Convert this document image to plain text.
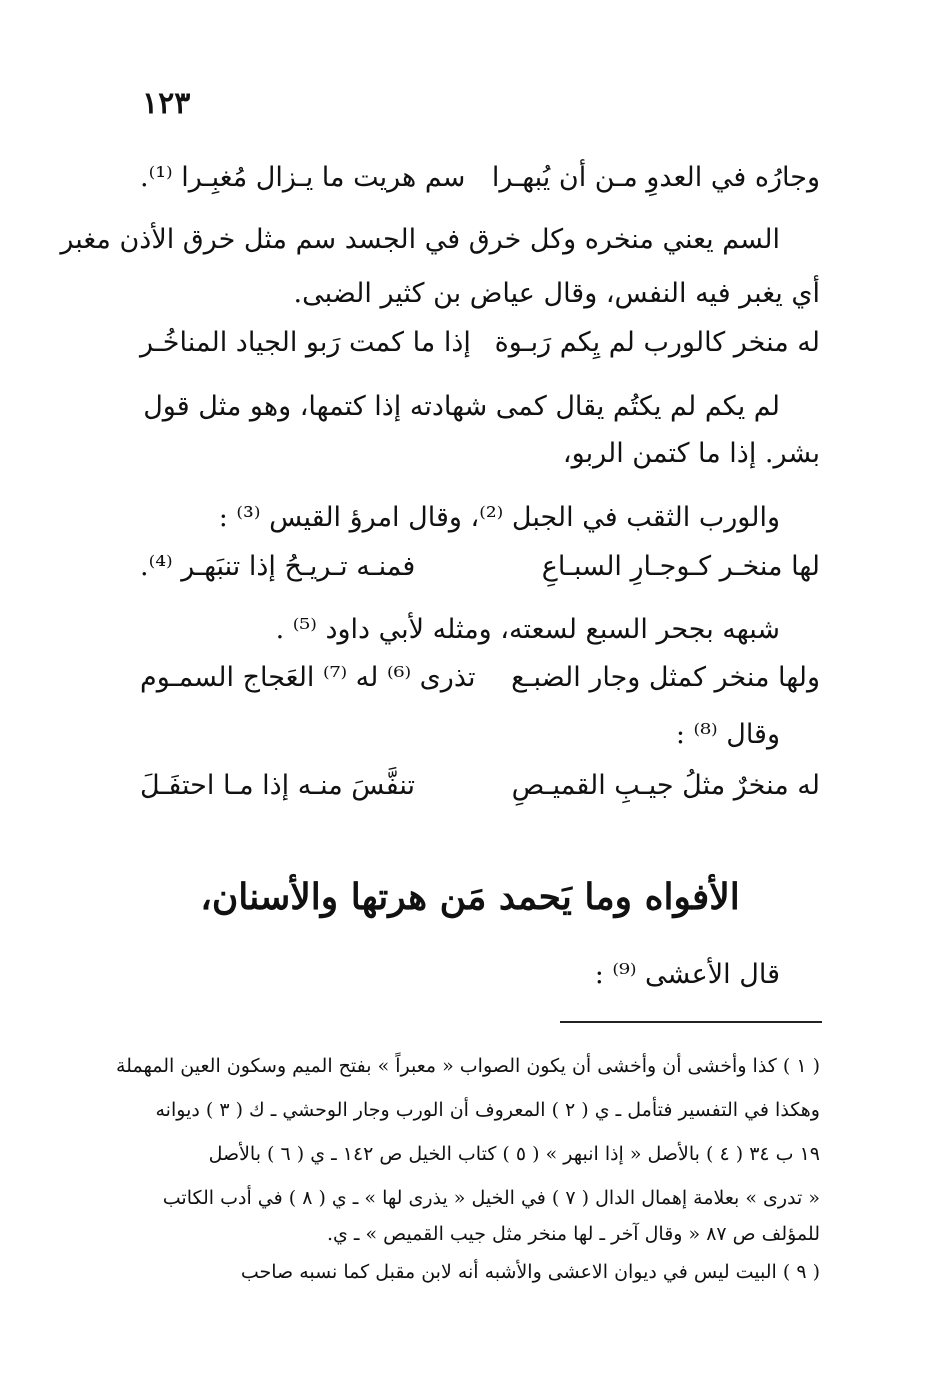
١٢٣
وجارُه في العدوِ مـن أن يُبهـرا
سم هريت ما يـزال مُغبِـرا ⁽¹⁾.
السم يعني منخره وكل خرق في الجسد سم مثل خرق الأذن مغبر
أي يغبر فيه النفس، وقال عياض بن كثير الضبى.
له منخر كالورب لم يِكم رَبـوة
إذا ما كمت رَبو الجياد المناخُـر
لم يكم لم يكتُم يقال كمى شهادته إذا كتمها، وهو مثل قول
بشر. إذا ما كتمن الربو،
والورب الثقب في الجبل ⁽²⁾، وقال امرؤ القيس ⁽³⁾ :
لها منخـر كـوجـارِ السبـاعِ
فمنـه تـريـحُ إذا تنبَهـر ⁽⁴⁾.
شبهه بجحر السبع لسعته، ومثله لأبي داود ⁽⁵⁾ .
ولها منخر كمثل وجار الضبـع
تذرى ⁽⁶⁾ له ⁽⁷⁾ العَجاج السمـوم
وقال ⁽⁸⁾ :
له منخرٌ مثلُ جيـبِ القميـصِ
تنفَّسَ منـه إذا مـا احتفَـلَ
الأفواه وما يَحمد مَن هرتها والأسنان،
قال الأعشى ⁽⁹⁾ :
( ١ ) كذا وأخشى أن وأخشى أن يكون الصواب « معبراً » بفتح الميم وسكون العين المهملة
وهكذا في التفسير فتأمل ـ ي ( ٢ ) المعروف أن الورب وجار الوحشي ـ ك ( ٣ ) ديوانه
١٩ ب ٣٤ ( ٤ ) بالأصل « إذا انبهر » ( ٥ ) كتاب الخيل ص ١٤٢ ـ ي ( ٦ ) بالأصل
« تدرى » بعلامة إهمال الدال ( ٧ ) في الخيل « يذرى لها » ـ ي ( ٨ ) في أدب الكاتب
للمؤلف ص ٨٧ « وقال آخر ـ لها منخر مثل جيب القميص » ـ ي.
( ٩ ) البيت ليس في ديوان الاعشى والأشبه أنه لابن مقبل كما نسبه صاحب
